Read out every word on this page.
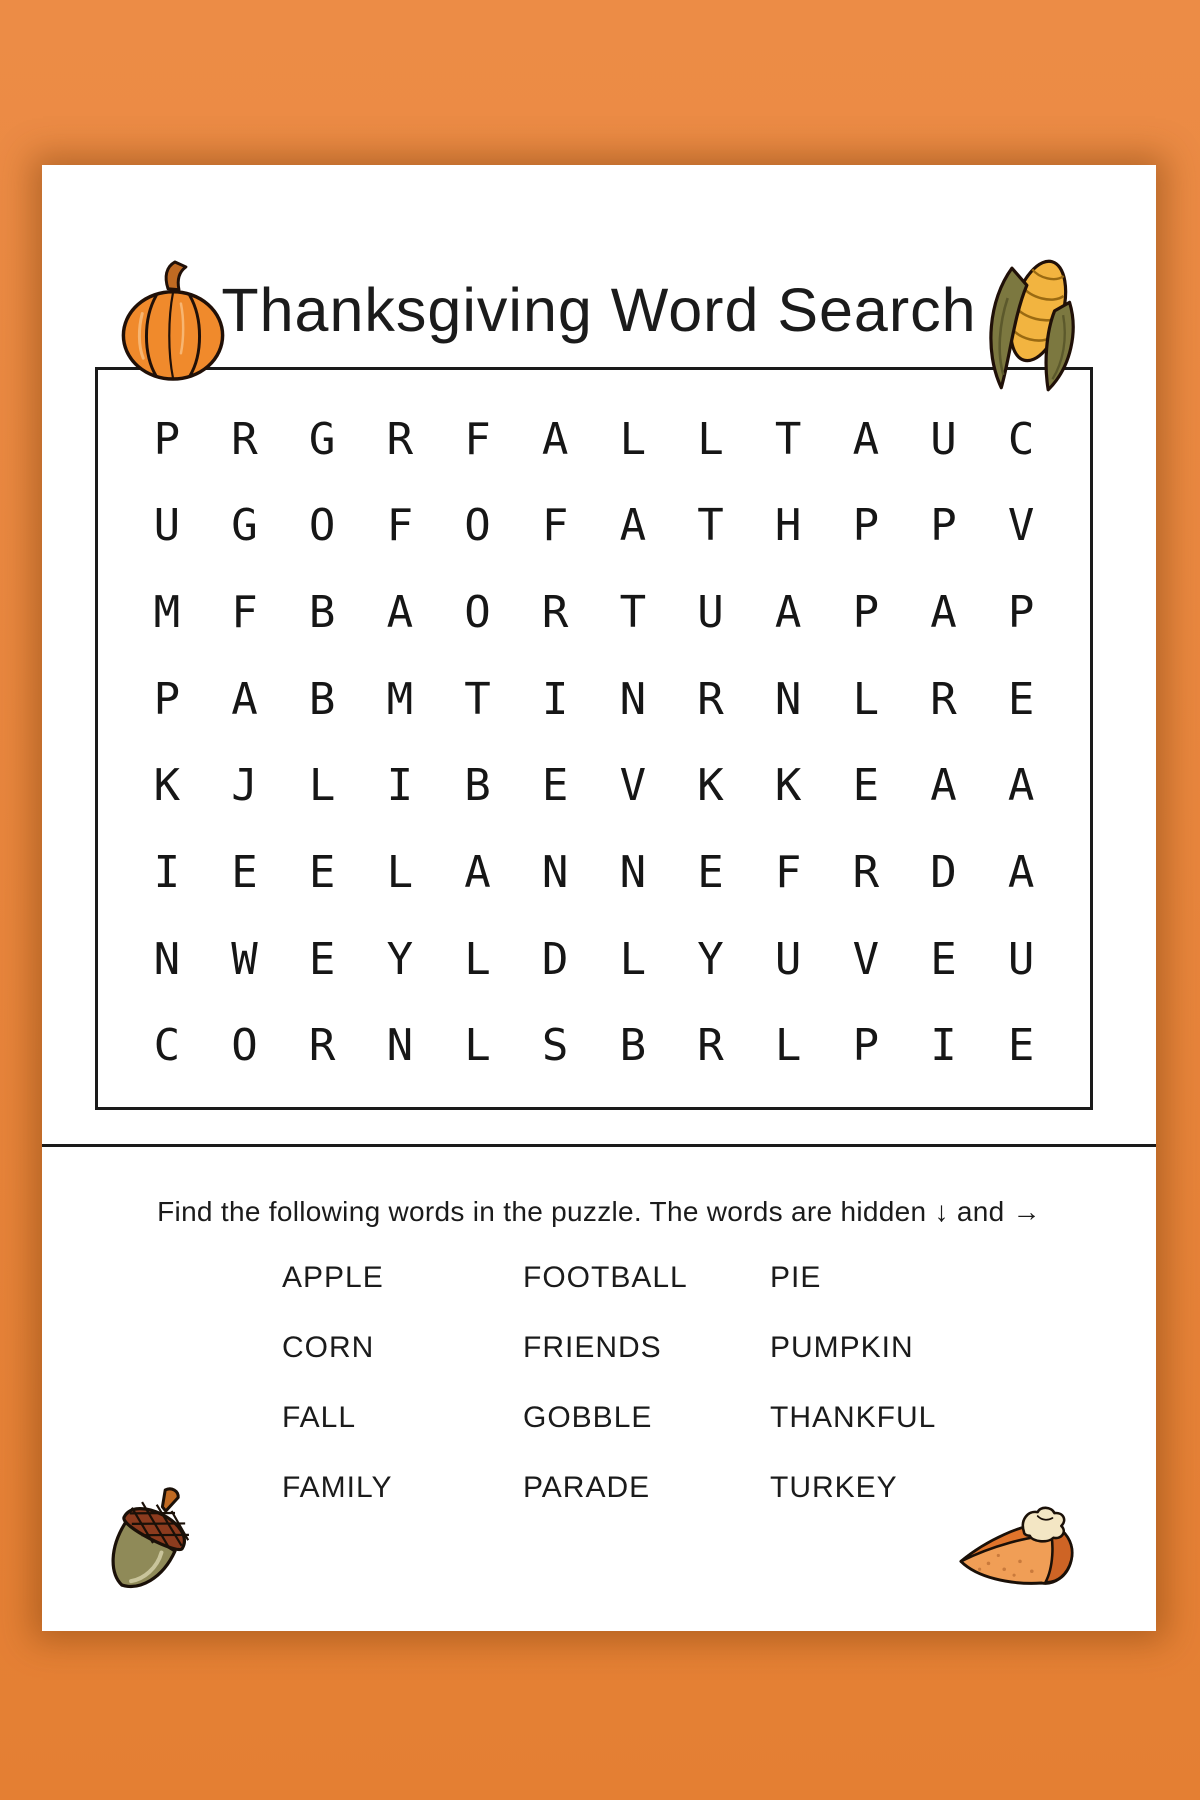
Thanksgiving Word Search
P	R	G	R	F	A	L	L	T	A	U	C
U	G	O	F	O	F	A	T	H	P	P	V
M	F	B	A	O	R	T	U	A	P	A	P
P	A	B	M	T	I	N	R	N	L	R	E
K	J	L	I	B	E	V	K	K	E	A	A
I	E	E	L	A	N	N	E	F	R	D	A
N	W	E	Y	L	D	L	Y	U	V	E	U
C	O	R	N	L	S	B	R	L	P	I	E
Find the following words in the puzzle. The words are hidden ↓ and →
APPLE
CORN
FALL
FAMILY
FOOTBALL
FRIENDS
GOBBLE
PARADE
PIE
PUMPKIN
THANKFUL
TURKEY
